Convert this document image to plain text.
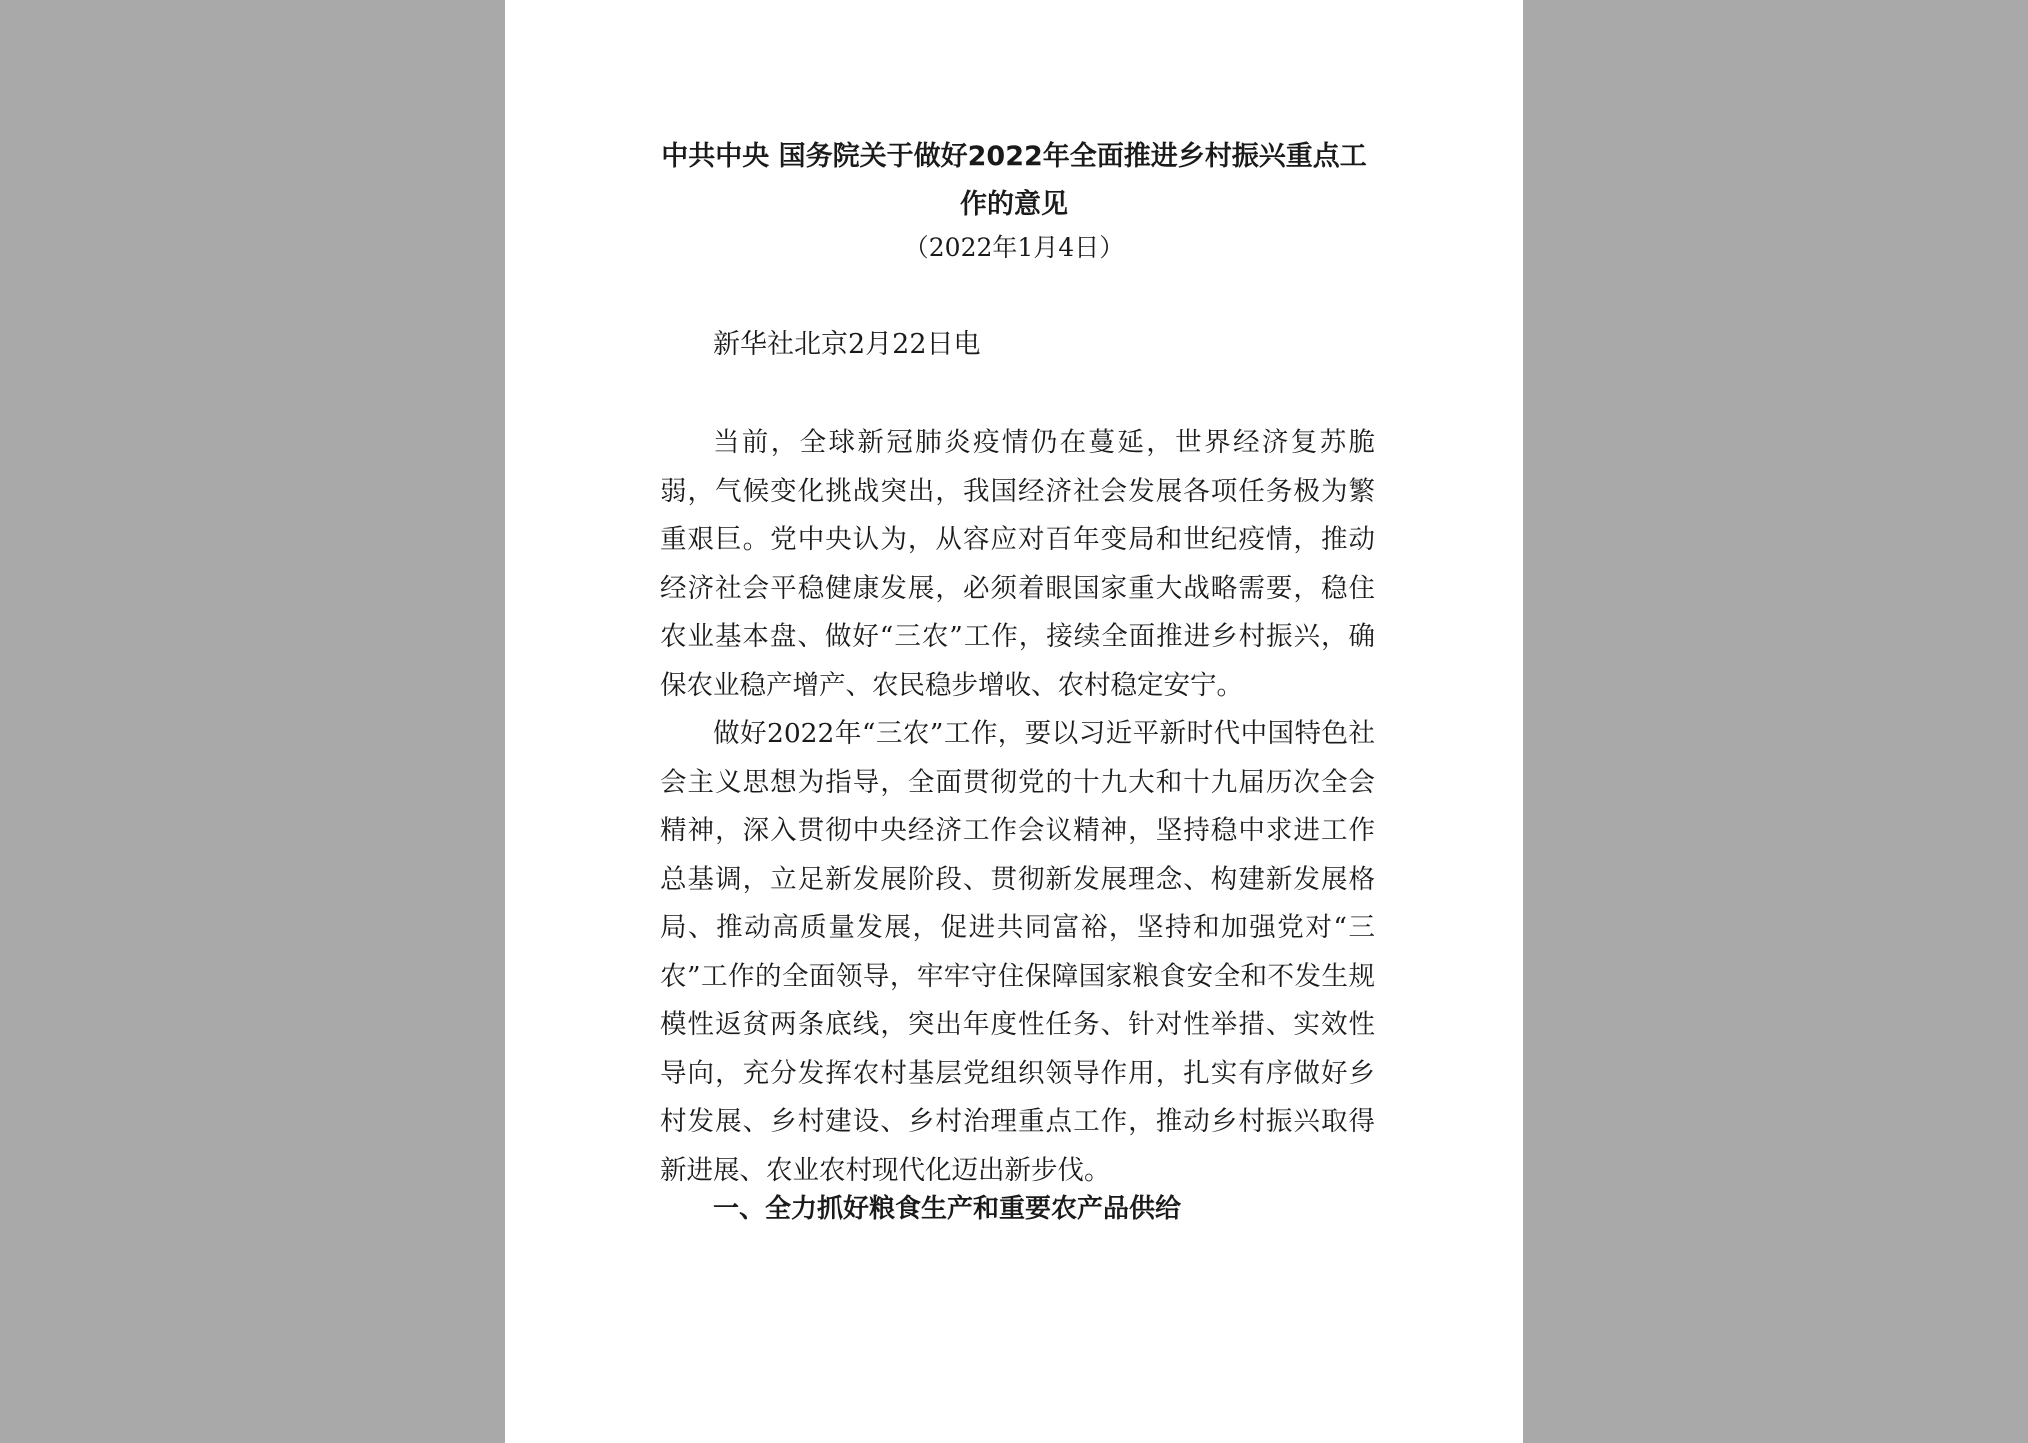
中共中央 国务院关于做好2022年全面推进乡村振兴重点工作的意见

（2022年1月4日）

新华社北京2月22日电

当前，全球新冠肺炎疫情仍在蔓延，世界经济复苏脆弱，气候变化挑战突出，我国经济社会发展各项任务极为繁重艰巨。党中央认为，从容应对百年变局和世纪疫情，推动经济社会平稳健康发展，必须着眼国家重大战略需要，稳住农业基本盘、做好“三农”工作，接续全面推进乡村振兴，确保农业稳产增产、农民稳步增收、农村稳定安宁。

做好2022年“三农”工作，要以习近平新时代中国特色社会主义思想为指导，全面贯彻党的十九大和十九届历次全会精神，深入贯彻中央经济工作会议精神，坚持稳中求进工作总基调，立足新发展阶段、贯彻新发展理念、构建新发展格局、推动高质量发展，促进共同富裕，坚持和加强党对“三农”工作的全面领导，牢牢守住保障国家粮食安全和不发生规模性返贫两条底线，突出年度性任务、针对性举措、实效性导向，充分发挥农村基层党组织领导作用，扎实有序做好乡村发展、乡村建设、乡村治理重点工作，推动乡村振兴取得新进展、农业农村现代化迈出新步伐。

一、全力抓好粮食生产和重要农产品供给
